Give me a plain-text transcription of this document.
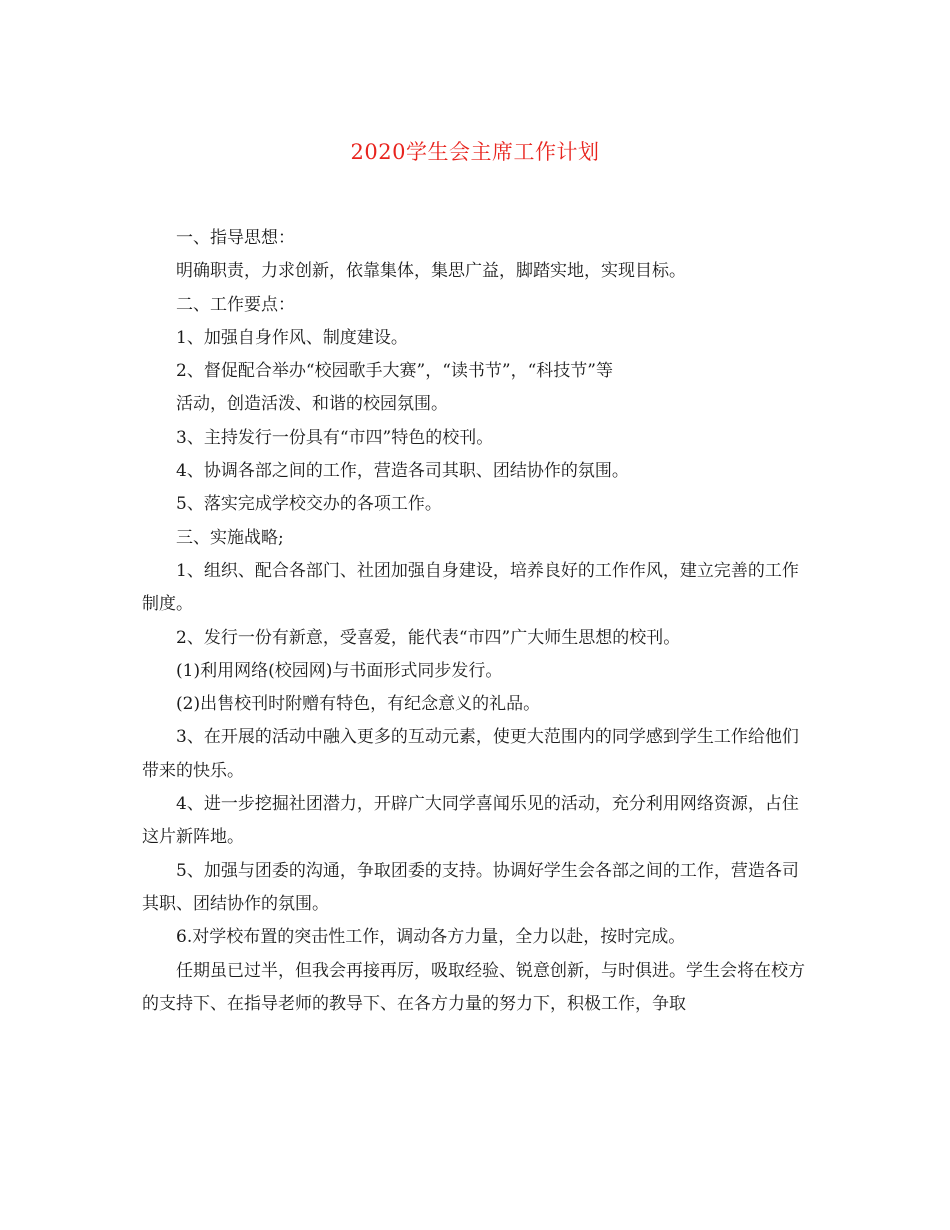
2020学生会主席工作计划

一、指导思想：

明确职责，力求创新，依靠集体，集思广益，脚踏实地，实现目标。

二、工作要点：

1、加强自身作风、制度建设。

2、督促配合举办“校园歌手大赛”，“读书节”，“科技节”等

活动，创造活泼、和谐的校园氛围。

3、主持发行一份具有“市四”特色的校刊。

4、协调各部之间的工作，营造各司其职、团结协作的氛围。

5、落实完成学校交办的各项工作。

三、实施战略;

1、组织、配合各部门、社团加强自身建设，培养良好的工作作风，建立完善的工作制度。

2、发行一份有新意，受喜爱，能代表“市四”广大师生思想的校刊。

(1)利用网络(校园网)与书面形式同步发行。

(2)出售校刊时附赠有特色，有纪念意义的礼品。

3、在开展的活动中融入更多的互动元素，使更大范围内的同学感到学生工作给他们带来的快乐。

4、进一步挖掘社团潜力，开辟广大同学喜闻乐见的活动，充分利用网络资源，占住这片新阵地。

5、加强与团委的沟通，争取团委的支持。协调好学生会各部之间的工作，营造各司其职、团结协作的氛围。

6.对学校布置的突击性工作，调动各方力量，全力以赴，按时完成。

任期虽已过半，但我会再接再厉，吸取经验、锐意创新，与时俱进。学生会将在校方的支持下、在指导老师的教导下、在各方力量的努力下，积极工作，争取
